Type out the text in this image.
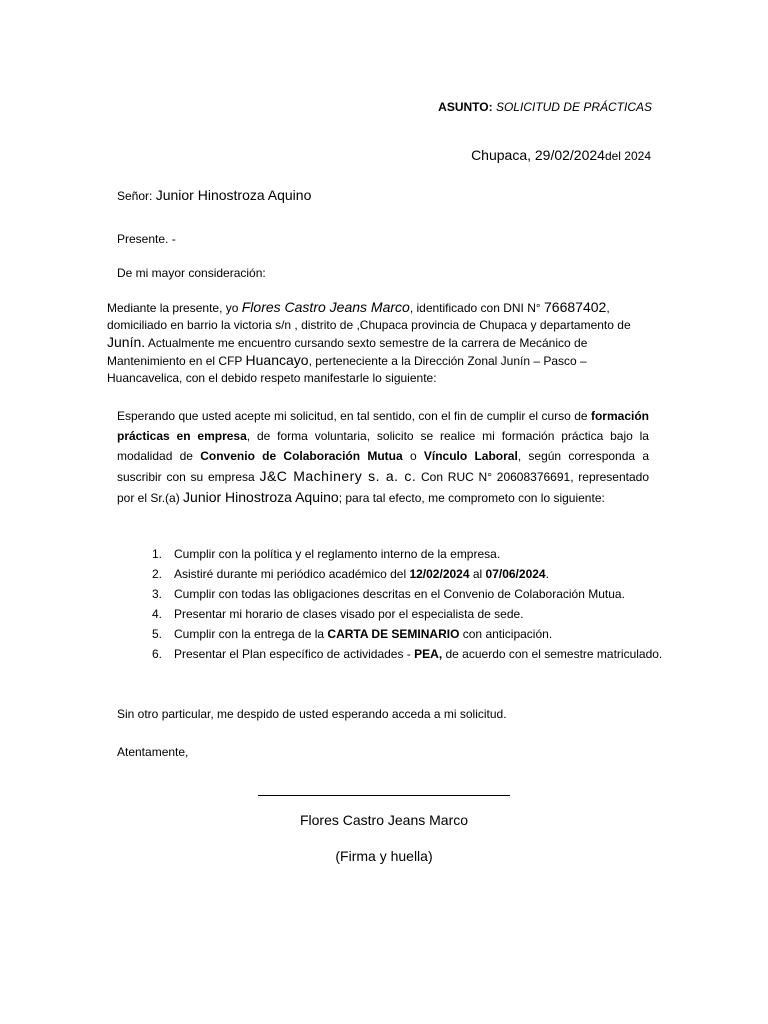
ASUNTO: SOLICITUD DE PRÁCTICAS

Chupaca, 29/02/2024del 2024

Señor: Junior Hinostroza Aquino

Presente. -

De mi mayor consideración:

Mediante la presente, yo Flores Castro Jeans Marco, identificado con DNI N° 76687402,
domiciliado en barrio la victoria s/n , distrito de ,Chupaca provincia de Chupaca y departamento de Junín. Actualmente me encuentro cursando sexto semestre de la carrera de Mecánico de Mantenimiento en el CFP Huancayo, perteneciente a la Dirección Zonal Junín – Pasco – Huancavelica, con el debido respeto manifestarle lo siguiente:

Esperando que usted acepte mi solicitud, en tal sentido, con el fin de cumplir el curso de formación prácticas en empresa, de forma voluntaria, solicito se realice mi formación práctica bajo la modalidad de Convenio de Colaboración Mutua o Vínculo Laboral, según corresponda a suscribir con su empresa J&C Machinery s. a. c. Con RUC N° 20608376691, representado por el Sr.(a) Junior Hinostroza Aquino; para tal efecto, me comprometo con lo siguiente:

1. Cumplir con la política y el reglamento interno de la empresa.
2. Asistiré durante mi periódico académico del 12/02/2024 al 07/06/2024.
3. Cumplir con todas las obligaciones descritas en el Convenio de Colaboración Mutua.
4. Presentar mi horario de clases visado por el especialista de sede.
5. Cumplir con la entrega de la CARTA DE SEMINARIO con anticipación.
6. Presentar el Plan específico de actividades - PEA, de acuerdo con el semestre matriculado.

Sin otro particular, me despido de usted esperando acceda a mi solicitud.

Atentamente,

Flores Castro Jeans Marco

(Firma y huella)
